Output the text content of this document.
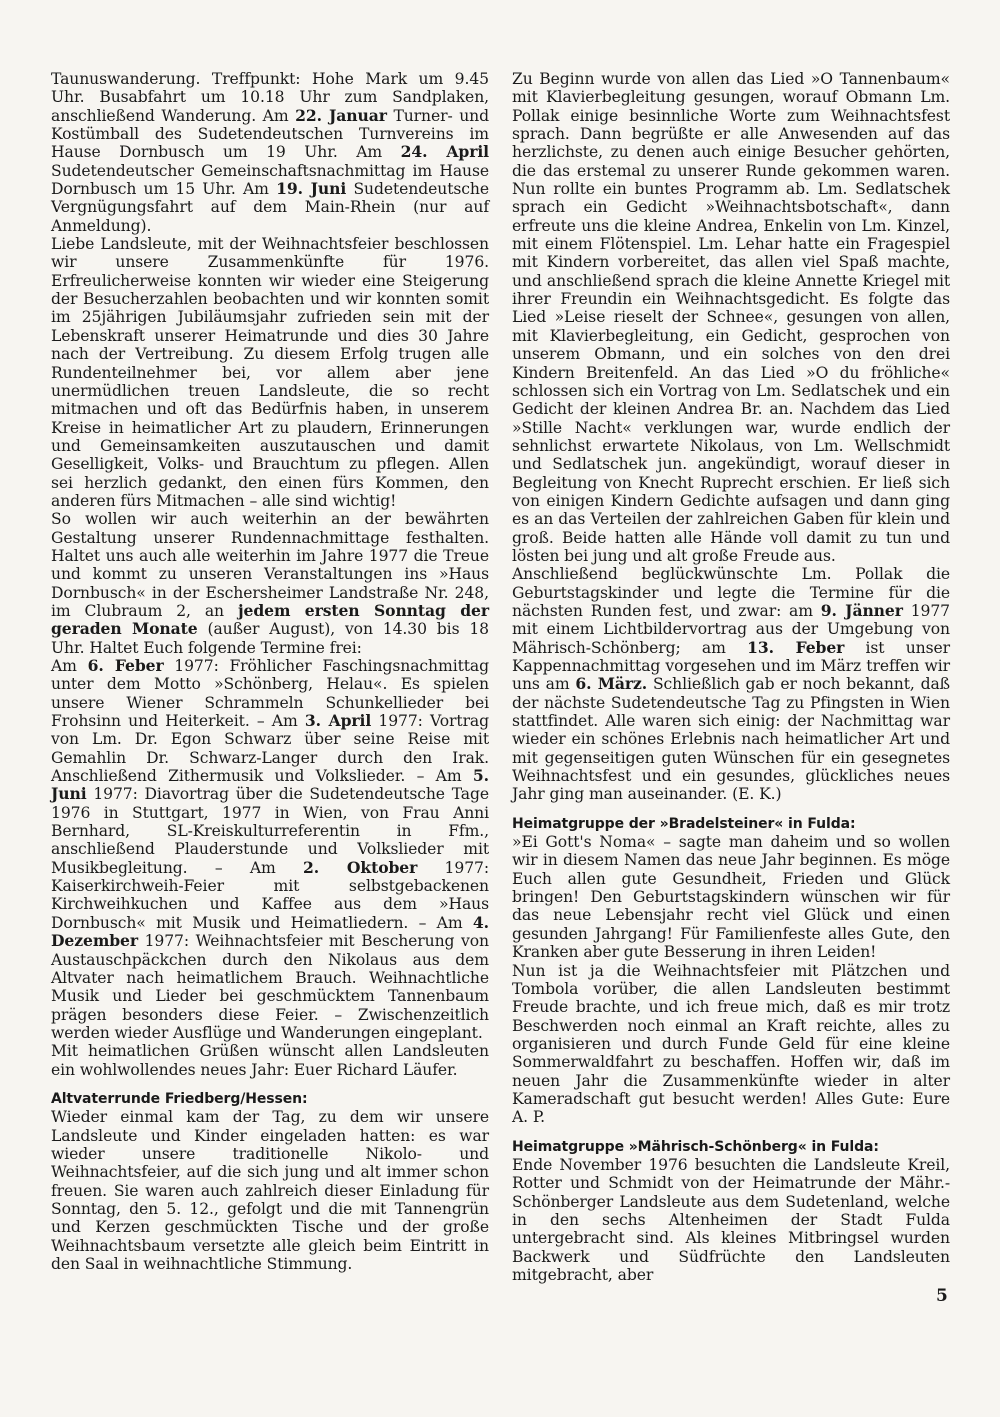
Taunuswanderung. Treffpunkt: Hohe Mark um 9.45 Uhr. Busabfahrt um 10.18 Uhr zum Sandplaken, anschließend Wanderung. Am 22. Januar Turner- und Kostümball des Sudetendeutschen Turnvereins im Hause Dornbusch um 19 Uhr. Am 24. April Sudetendeutscher Gemeinschaftsnachmittag im Hause Dornbusch um 15 Uhr. Am 19. Juni Sudetendeutsche Vergnügungsfahrt auf dem Main-Rhein (nur auf Anmeldung).

Liebe Landsleute, mit der Weihnachtsfeier beschlossen wir unsere Zusammenkünfte für 1976. Erfreulicherweise konnten wir wieder eine Steigerung der Besucherzahlen beobachten und wir konnten somit im 25jährigen Jubiläumsjahr zufrieden sein mit der Lebenskraft unserer Heimatrunde und dies 30 Jahre nach der Vertreibung. Zu diesem Erfolg trugen alle Rundenteilnehmer bei, vor allem aber jene unermüdlichen treuen Landsleute, die so recht mitmachen und oft das Bedürfnis haben, in unserem Kreise in heimatlicher Art zu plaudern, Erinnerungen und Gemeinsamkeiten auszutauschen und damit Geselligkeit, Volks- und Brauchtum zu pflegen. Allen sei herzlich gedankt, den einen fürs Kommen, den anderen fürs Mitmachen – alle sind wichtig!

So wollen wir auch weiterhin an der bewährten Gestaltung unserer Rundennachmittage festhalten. Haltet uns auch alle weiterhin im Jahre 1977 die Treue und kommt zu unseren Veranstaltungen ins »Haus Dornbusch« in der Eschersheimer Landstraße Nr. 248, im Clubraum 2, an jedem ersten Sonntag der geraden Monate (außer August), von 14.30 bis 18 Uhr. Haltet Euch folgende Termine frei:

Am 6. Feber 1977: Fröhlicher Faschingsnachmittag unter dem Motto »Schönberg, Helau«. Es spielen unsere Wiener Schrammeln Schunkellieder bei Frohsinn und Heiterkeit. – Am 3. April 1977: Vortrag von Lm. Dr. Egon Schwarz über seine Reise mit Gemahlin Dr. Schwarz-Langer durch den Irak. Anschließend Zithermusik und Volkslieder. – Am 5. Juni 1977: Diavortrag über die Sudetendeutsche Tage 1976 in Stuttgart, 1977 in Wien, von Frau Anni Bernhard, SL-Kreiskulturreferentin in Ffm., anschließend Plauderstunde und Volkslieder mit Musikbegleitung. – Am 2. Oktober 1977: Kaiserkirchweih-Feier mit selbstgebackenen Kirchweihkuchen und Kaffee aus dem »Haus Dornbusch« mit Musik und Heimatliedern. – Am 4. Dezember 1977: Weihnachtsfeier mit Bescherung von Austauschpäckchen durch den Nikolaus aus dem Altvater nach heimatlichem Brauch. Weihnachtliche Musik und Lieder bei geschmücktem Tannenbaum prägen besonders diese Feier. – Zwischenzeitlich werden wieder Ausflüge und Wanderungen eingeplant.

Mit heimatlichen Grüßen wünscht allen Landsleuten ein wohlwollendes neues Jahr: Euer Richard Läufer.

Altvaterrunde Friedberg/Hessen:

Wieder einmal kam der Tag, zu dem wir unsere Landsleute und Kinder eingeladen hatten: es war wieder unsere traditionelle Nikolo- und Weihnachtsfeier, auf die sich jung und alt immer schon freuen. Sie waren auch zahlreich dieser Einladung für Sonntag, den 5. 12., gefolgt und die mit Tannengrün und Kerzen geschmückten Tische und der große Weihnachtsbaum versetzte alle gleich beim Eintritt in den Saal in weihnachtliche Stimmung.

Zu Beginn wurde von allen das Lied »O Tannenbaum« mit Klavierbegleitung gesungen, worauf Obmann Lm. Pollak einige besinnliche Worte zum Weihnachtsfest sprach. Dann begrüßte er alle Anwesenden auf das herzlichste, zu denen auch einige Besucher gehörten, die das erstemal zu unserer Runde gekommen waren. Nun rollte ein buntes Programm ab. Lm. Sedlatschek sprach ein Gedicht »Weihnachtsbotschaft«, dann erfreute uns die kleine Andrea, Enkelin von Lm. Kinzel, mit einem Flötenspiel. Lm. Lehar hatte ein Fragespiel mit Kindern vorbereitet, das allen viel Spaß machte, und anschließend sprach die kleine Annette Kriegel mit ihrer Freundin ein Weihnachtsgedicht. Es folgte das Lied »Leise rieselt der Schnee«, gesungen von allen, mit Klavierbegleitung, ein Gedicht, gesprochen von unserem Obmann, und ein solches von den drei Kindern Breitenfeld. An das Lied »O du fröhliche« schlossen sich ein Vortrag von Lm. Sedlatschek und ein Gedicht der kleinen Andrea Br. an. Nachdem das Lied »Stille Nacht« verklungen war, wurde endlich der sehnlichst erwartete Nikolaus, von Lm. Wellschmidt und Sedlatschek jun. angekündigt, worauf dieser in Begleitung von Knecht Ruprecht erschien. Er ließ sich von einigen Kindern Gedichte aufsagen und dann ging es an das Verteilen der zahlreichen Gaben für klein und groß. Beide hatten alle Hände voll damit zu tun und lösten bei jung und alt große Freude aus.

Anschließend beglückwünschte Lm. Pollak die Geburtstagskinder und legte die Termine für die nächsten Runden fest, und zwar: am 9. Jänner 1977 mit einem Lichtbildervortrag aus der Umgebung von Mährisch-Schönberg; am 13. Feber ist unser Kappennachmittag vorgesehen und im März treffen wir uns am 6. März. Schließlich gab er noch bekannt, daß der nächste Sudetendeutsche Tag zu Pfingsten in Wien stattfindet. Alle waren sich einig: der Nachmittag war wieder ein schönes Erlebnis nach heimatlicher Art und mit gegenseitigen guten Wünschen für ein gesegnetes Weihnachtsfest und ein gesundes, glückliches neues Jahr ging man auseinander. (E. K.)

Heimatgruppe der »Bradelsteiner« in Fulda:

»Ei Gott's Noma« – sagte man daheim und so wollen wir in diesem Namen das neue Jahr beginnen. Es möge Euch allen gute Gesundheit, Frieden und Glück bringen! Den Geburtstagskindern wünschen wir für das neue Lebensjahr recht viel Glück und einen gesunden Jahrgang! Für Familienfeste alles Gute, den Kranken aber gute Besserung in ihren Leiden!

Nun ist ja die Weihnachtsfeier mit Plätzchen und Tombola vorüber, die allen Landsleuten bestimmt Freude brachte, und ich freue mich, daß es mir trotz Beschwerden noch einmal an Kraft reichte, alles zu organisieren und durch Funde Geld für eine kleine Sommerwaldfahrt zu beschaffen. Hoffen wir, daß im neuen Jahr die Zusammenkünfte wieder in alter Kameradschaft gut besucht werden! Alles Gute: Eure A. P.

Heimatgruppe »Mährisch-Schönberg« in Fulda:

Ende November 1976 besuchten die Landsleute Kreil, Rotter und Schmidt von der Heimatrunde der Mähr.-Schönberger Landsleute aus dem Sudetenland, welche in den sechs Altenheimen der Stadt Fulda untergebracht sind. Als kleines Mitbringsel wurden Backwerk und Südfrüchte den Landsleuten mitgebracht, aber

5
